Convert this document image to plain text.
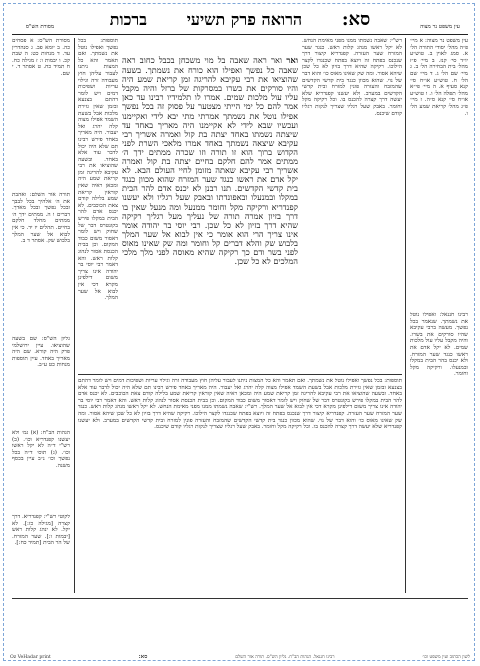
עין משפט נר מצוה
סא:
הרואה פרק תשיעי
ברכות
מסורת הש"ס
עין משפט נר מצוה: א מיי׳ פ״ה מהל׳ יסודי התורה הל׳ א. סמג לאוין ב. טוש״ע יו״ד סי׳ קנז. ב מיי׳ פ״ז מהל׳ בית הבחירה הל׳ ב. ג מיי׳ שם הל׳ ג. ד מיי׳ שם הל׳ ח. טוש״ע או״ח סי׳ קנא סעיף א. ה מיי׳ פי״א מהל׳ תפלה הל׳ ו. ו טוש״ע או״ח סי׳ קנא ס״ה. ז מיי׳ פ״ג מהל׳ קריאת שמע הל׳ ו.
רבינו חננאל: ואפילו נוטל את נשמתך. שנאמר בכל נפשך. מעשה ברבי עקיבא שהיו סורקים את בשרו. והיה מקבל עליו עול מלכות שמים. לא יקל אדם את ראשו כנגד שער המזרח. ולא יכנס בהר הבית במקלו ובמנעלו. ורקיקה מקל וחומר.
רש"י: שאבה נשמתו ממנו מפני מאימת הנחש. לא יקל ראשו מנהג קלות ראש. כנגד שער המזרח שער העזרה. קפנדריא קיצור דרך שנכנס בפתח זה ויוצא בפתח שכנגדו לקצר הילוכו. רקיקה שהיא דרך בזיון לא כל שכן שיהא אסור. ומה שק שאינו מאוס כו׳ והוא דבר של נוי. שהוא מכוון כנגד בית קדשי הקדשים שהמזבח והעזרה פונין למזרח ובית קדשי הקדשים במערב. ולא יעשנו קפנדריא שלא יעשה דרך קצרה להכנס בו. וכל רקיקה מקל וחומר. באבק שעל רגליו שצריך לנקות רגליו קודם שיכנס.
ואר ואר ראה שאבה בל מוי משכחן בכבל כחוב ראה שאבה כל נפשך ואפילו הוא כורח את נשמתך. בשעה שהוציאו את רבי עקיבא להריגה זמן קריאת שמע היה והיו סורקים את בשרו במסרקות של ברזל והיה מקבל עליו עול מלכות שמים. אמרו לו תלמידיו רבינו עד כאן אמר להם כל ימי הייתי מצטער על פסוק זה בכל נפשך אפילו נוטל את נשמתך אמרתי מתי יבא לידי ואקיימנו ועכשיו שבא לידי לא אקיימנו היה מאריך באחד עד שיצתה נשמתו באחד יצתה בת קול ואמרה אשריך רבי עקיבא שיצאה נשמתך באחד אמרו מלאכי השרת לפני הקדוש ברוך הוא זו תורה וזו שכרה ממתים ידך ה׳ ממתים אמר להם חלקם בחיים יצתה בת קול ואמרה אשריך רבי עקיבא שאתה מזומן לחיי העולם הבא. לא יקל אדם את ראשו כנגד שער המזרח שהוא מכוון כנגד בית קדשי הקדשים. תנו רבנן לא יכנס אדם להר הבית במקלו ובמנעלו ובאפונדתו ובאבק שעל רגליו ולא יעשנו קפנדריא ורקיקה מקל וחומר ממנעל ומה מנעל שאין בו דרך בזיון אמרה תורה של נעליך מעל רגליך רקיקה שהיא דרך בזיון לא כל שכן. רבי יוסי בר יהודה אומר אינו צריך הרי הוא אומר כי אין לבוא אל שער המלך בלבוש שק והלא דברים קל וחומר ומה שק שאינו מאוס לפני בשר ודם כך רקיקה שהיא מאוסה לפני מלך מלכי המלכים לא כל שכן.
תוספות: בכל נפשך ואפילו נוטל את נשמתך. ואם תאמר והא כל המצות ניתנו לעבור עליהן חוץ מעבודה זרה וגילוי עריות ושפיכות דמים ויש לומר דהתם בצנעא ובזמן שאין גזירת מלכות אבל בשעת השמד אפילו מצוה קלה יהרג ואל יעבור. היה מאריך באחד פירש רבינו תם שלא היה יכול לדבר עוד אלא באחד. ובשעה שהוציאו את רבי עקיבא להריגה זמן קריאת שמע היה ומכאן ראיה שאין קוראין קריאת שמע בלילה קודם צאת הכוכבים. לא יכנס אדם להר הבית במקלו פירש בקונטרס דבר של שחוק ויש לומר דאסור משום כבוד המקום. וכן בבית הכנסת אסור לנהוג קלות ראש. והא דאמר רבי יוסי בר יהודה אינו צריך משום דילפינן מקרא דכי אין לבוא אל שער המלך.
תוספות: בכל נפשך ואפילו נוטל את נשמתך. ואם תאמר והא כל המצות ניתנו לעבור עליהן חוץ מעבודה זרה וגילוי עריות ושפיכות דמים ויש לומר דהתם בצנעא ובזמן שאין גזירת מלכות אבל בשעת השמד אפילו מצוה קלה יהרג ואל יעבור. היה מאריך באחד פירש רבינו תם שלא היה יכול לדבר עוד אלא באחד. ובשעה שהוציאו את רבי עקיבא להריגה זמן קריאת שמע היה ומכאן ראיה שאין קוראין קריאת שמע בלילה קודם צאת הכוכבים. לא יכנס אדם להר הבית במקלו פירש בקונטרס דבר של שחוק ויש לומר דאסור משום כבוד המקום. וכן בבית הכנסת אסור לנהוג קלות ראש. והא דאמר רבי יוסי בר יהודה אינו צריך משום דילפינן מקרא דכי אין לבוא אל שער המלך. רש"י: שאבה נשמתו ממנו מפני מאימת הנחש. לא יקל ראשו מנהג קלות ראש. כנגד שער המזרח שער העזרה. קפנדריא קיצור דרך שנכנס בפתח זה ויוצא בפתח שכנגדו לקצר הילוכו. רקיקה שהיא דרך בזיון לא כל שכן שיהא אסור. ומה שק שאינו מאוס כו׳ והוא דבר של נוי. שהוא מכוון כנגד בית קדשי הקדשים שהמזבח והעזרה פונין למזרח ובית קדשי הקדשים במערב. ולא יעשנו קפנדריא שלא יעשה דרך קצרה להכנס בו. וכל רקיקה מקל וחומר. באבק שעל רגליו שצריך לנקות רגליו קודם שיכנס.
מסורת הש"ס: א פסחים כה. ב יומא פב. ג סנהדרין עד. ד מנחות כט: ה שבת קכ. ו יבמות ו: ז מגילה כח. ח תמיד כח. ט אסתר ד. י שם.
תורה אור השלם: ואהבת את ה׳ אלהיך בכל לבבך ובכל נפשך ובכל מאדך. דברים ו ה. ממתים ידך ה׳ ממתים מחלד חלקם בחיים. תהלים יז יד. כי אין לבוא אל שער המלך בלבוש שק. אסתר ד ב.
גליון הש"ס: שם בשעה שהוציאו. עיין ירושלמי פרק היה קורא. שם היה מאריך באחד. עיין תוספות מנחות כט ע״ב.
הגהות הב"ח: (א) גמ׳ ולא יעשנו קפנדריא וכו׳. (ב) רש"י ד״ה לא יקל ראשו וכו׳. (ג) תוס׳ ד״ה בכל נפשך וכו׳ נ״ב עיין בכסף משנה.
לקוטי רש"י: קפנדריא. דרך קצרה [מגילה כז:]. לא יקל. לא ינהג קלות ראש [יבמות ו:]. שער המזרח. של הר הבית [תמיד כח:].
לשון הכתוב ועין משפט וכו׳
רבינו חננאל. הגהות הב"ח. גליון הש"ס. תורה אור השלם
סא:
Oz VeHadar print
